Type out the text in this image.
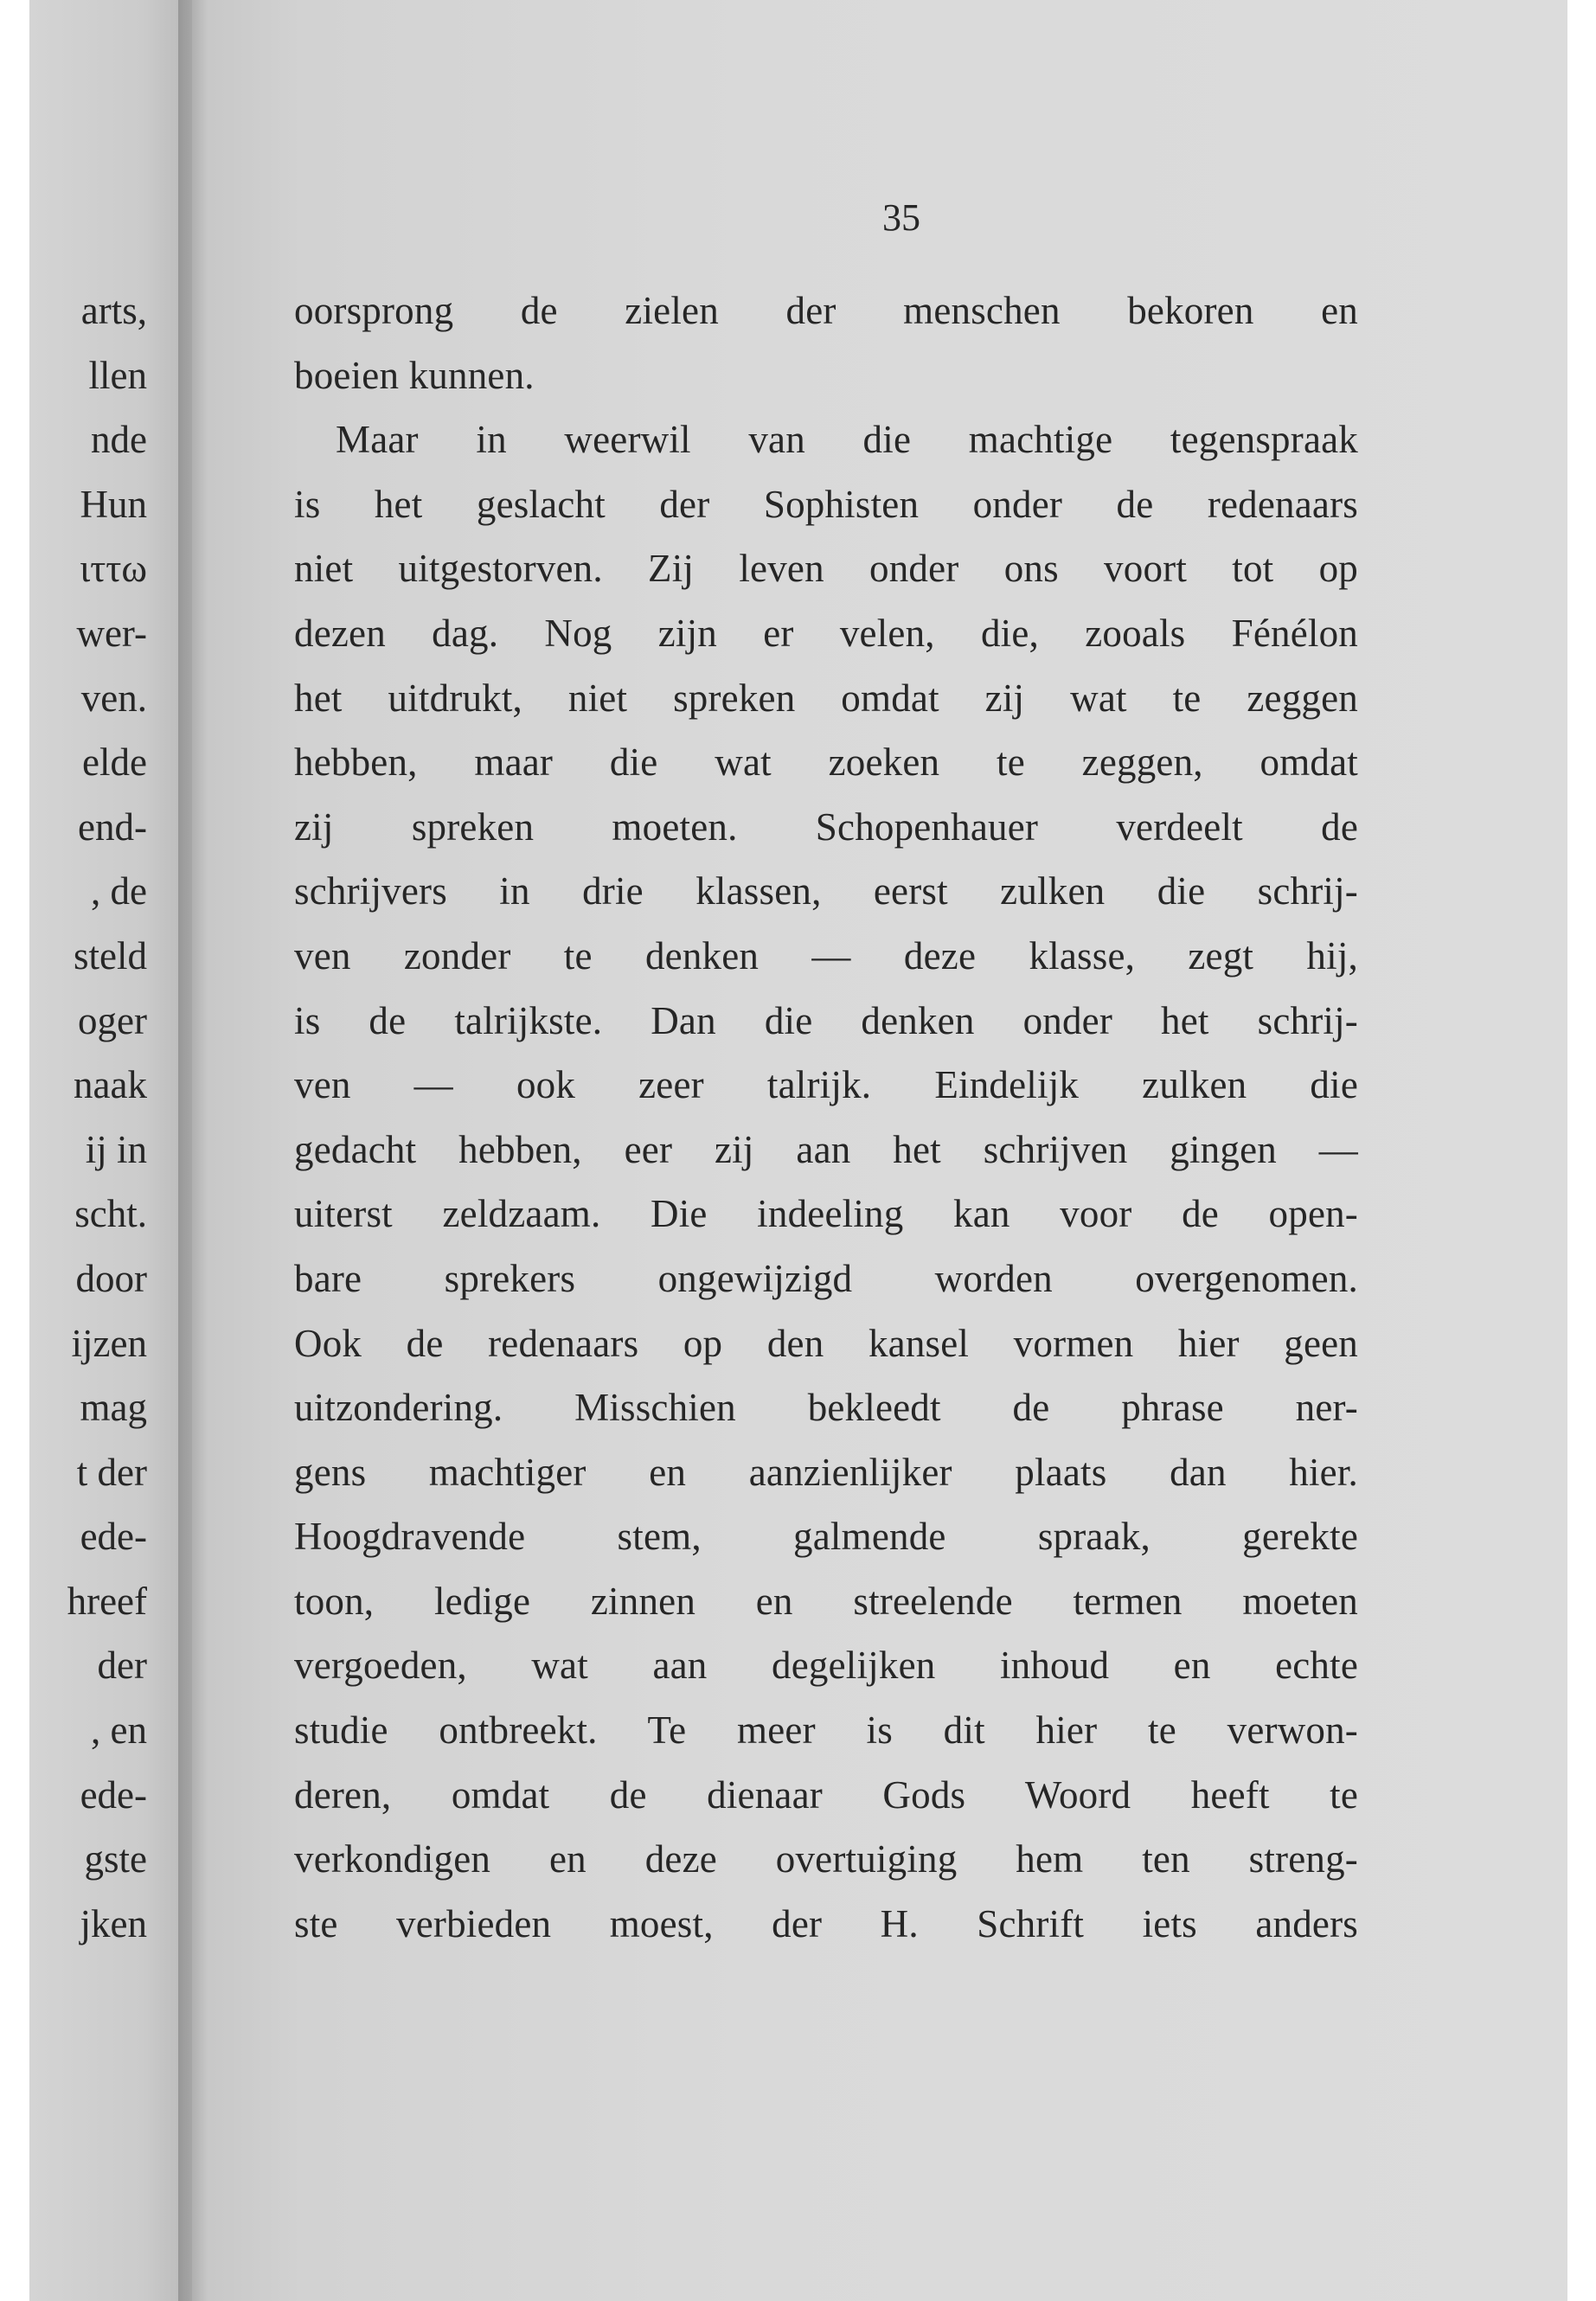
arts,
llen
nde
Hun
ιττω
wer-
ven.
elde
end-
, de
steld
oger
naak
ij in
scht.
door
ijzen
mag
t der
ede-
hreef
der
, en
ede-
gste
jken
35
oorsprong de zielen der menschen bekoren en
boeien kunnen.
Maar in weerwil van die machtige tegenspraak
is het geslacht der Sophisten onder de redenaars
niet uitgestorven. Zij leven onder ons voort tot op
dezen dag. Nog zijn er velen, die, zooals Fénélon
het uitdrukt, niet spreken omdat zij wat te zeggen
hebben, maar die wat zoeken te zeggen, omdat
zij spreken moeten. Schopenhauer verdeelt de
schrijvers in drie klassen, eerst zulken die schrij-
ven zonder te denken — deze klasse, zegt hij,
is de talrijkste. Dan die denken onder het schrij-
ven — ook zeer talrijk. Eindelijk zulken die
gedacht hebben, eer zij aan het schrijven gingen —
uiterst zeldzaam. Die indeeling kan voor de open-
bare sprekers ongewijzigd worden overgenomen.
Ook de redenaars op den kansel vormen hier geen
uitzondering. Misschien bekleedt de phrase ner-
gens machtiger en aanzienlijker plaats dan hier.
Hoogdravende stem, galmende spraak, gerekte
toon, ledige zinnen en streelende termen moeten
vergoeden, wat aan degelijken inhoud en echte
studie ontbreekt. Te meer is dit hier te verwon-
deren, omdat de dienaar Gods Woord heeft te
verkondigen en deze overtuiging hem ten streng-
ste verbieden moest, der H. Schrift iets anders
